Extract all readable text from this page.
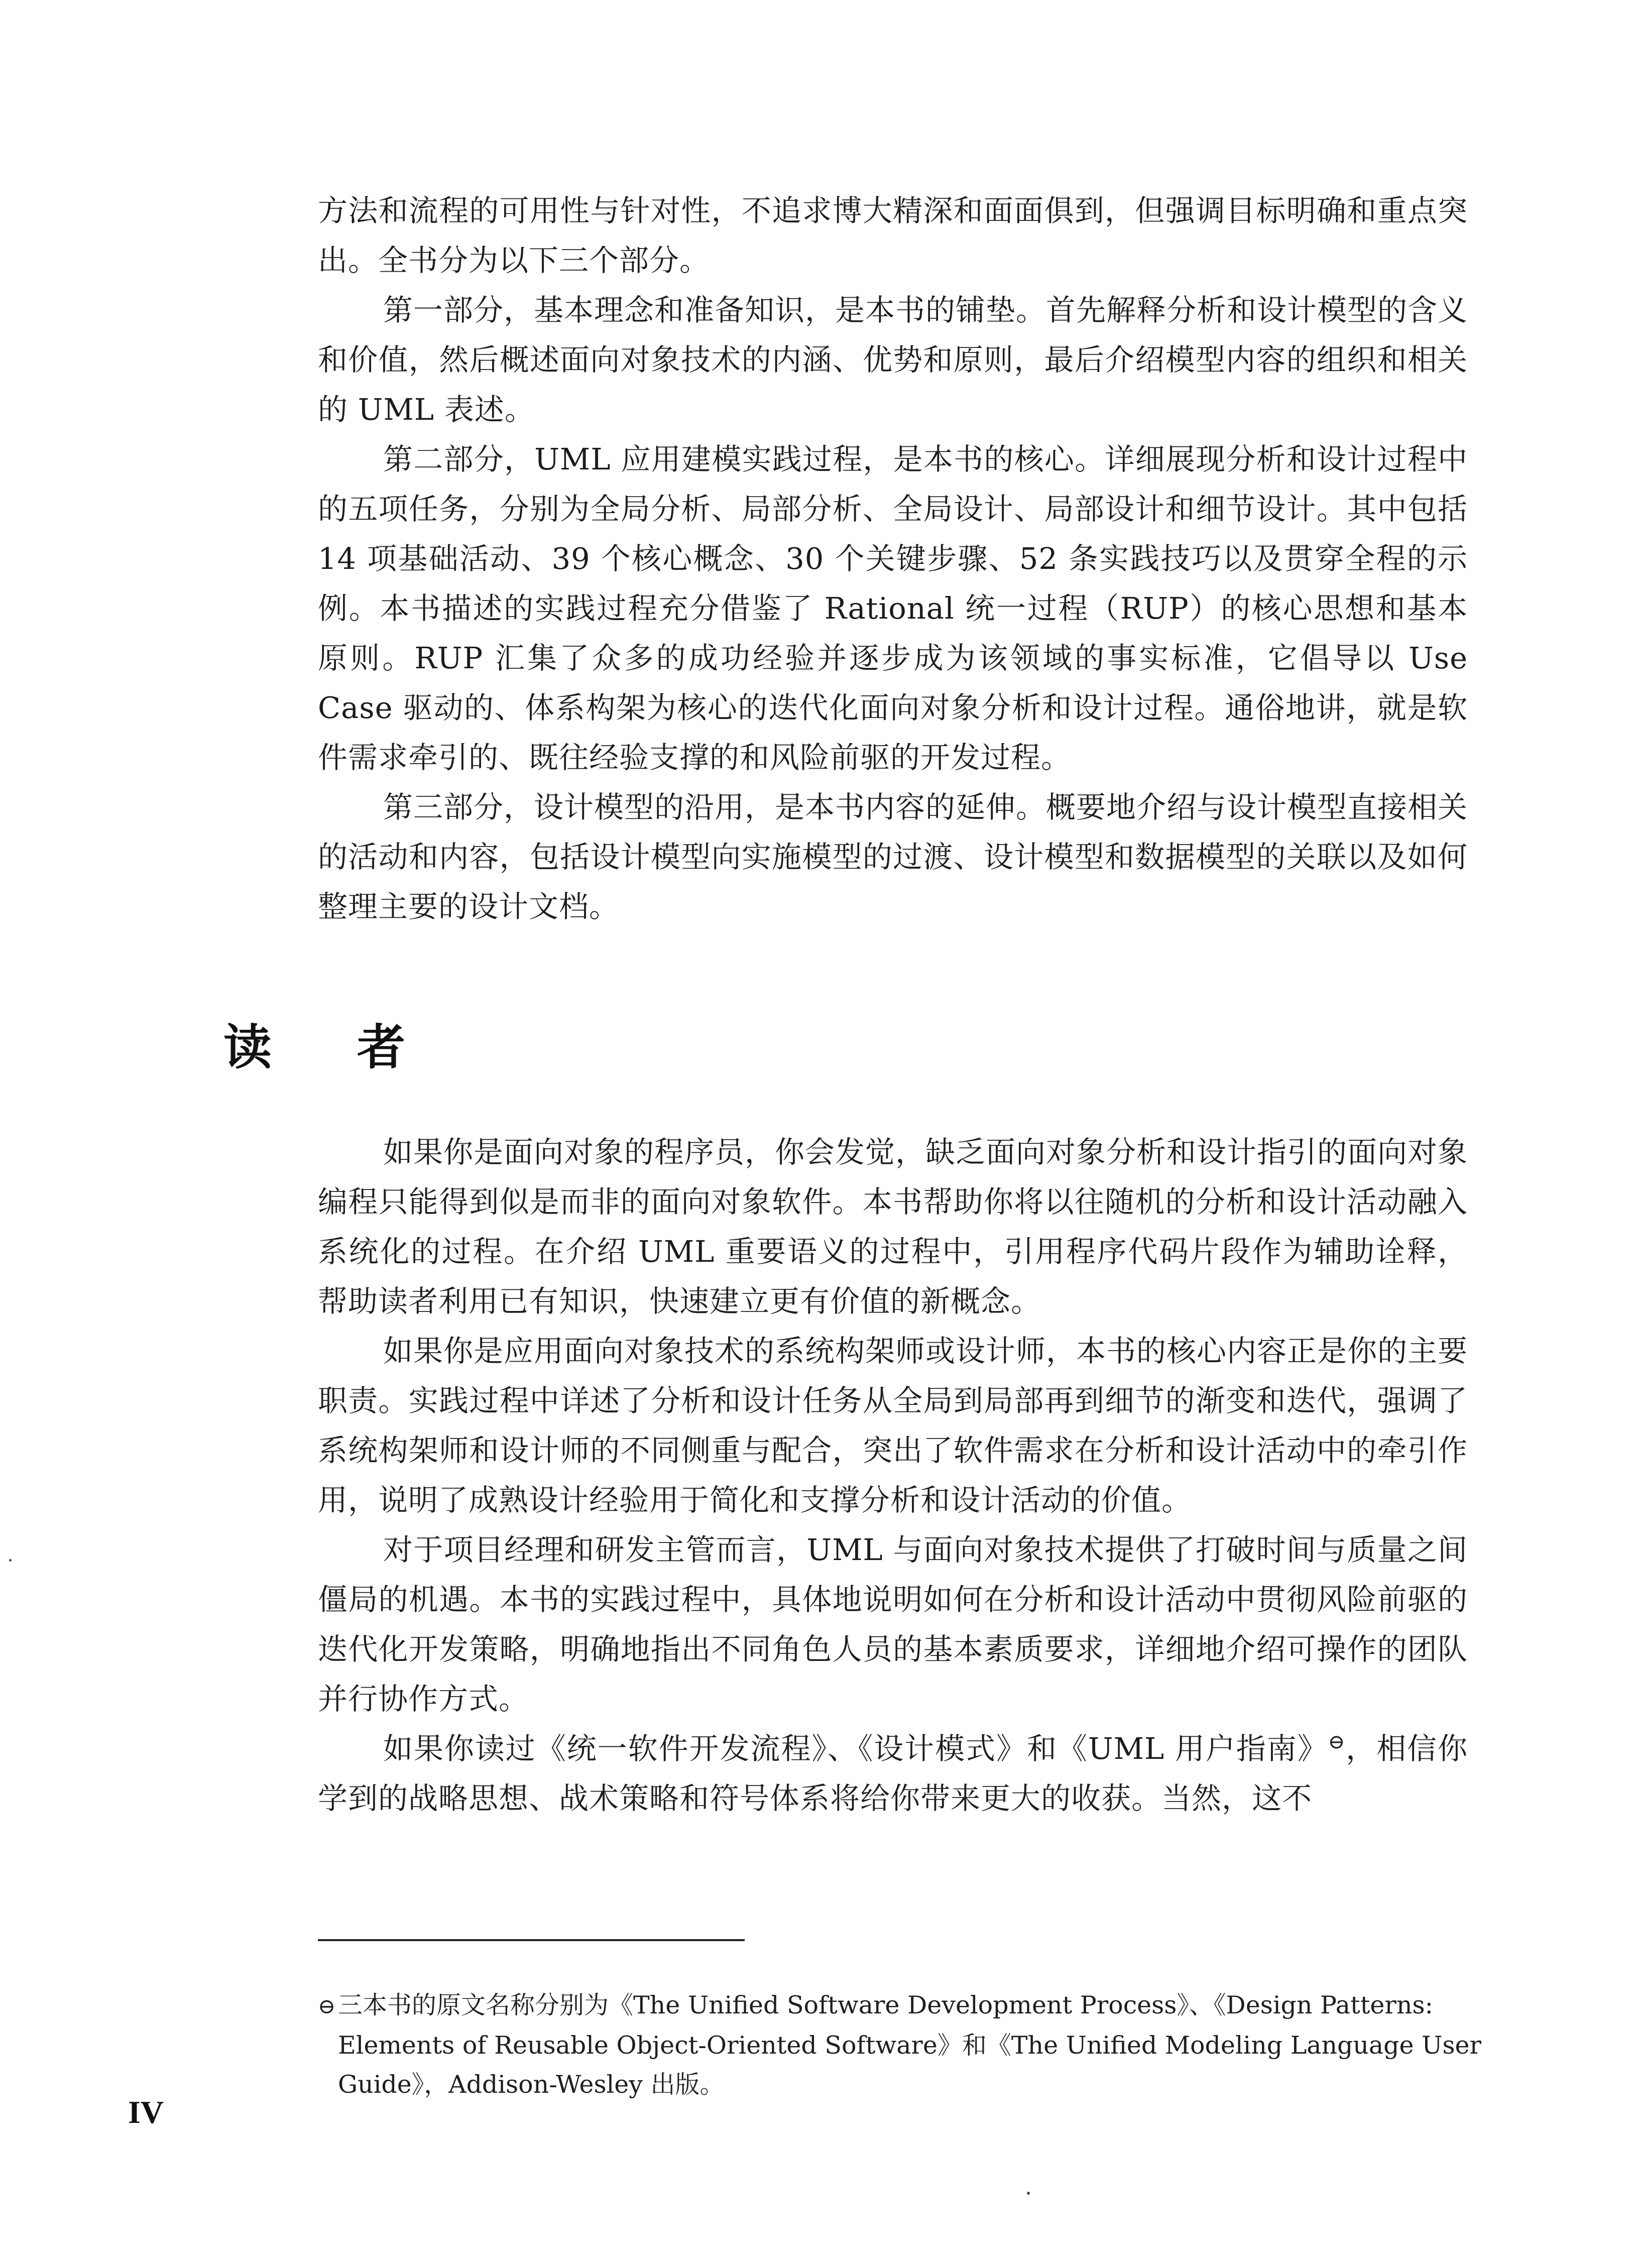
方法和流程的可用性与针对性，不追求博大精深和面面俱到，但强调目标明确和重点突出。全书分为以下三个部分。

第一部分，基本理念和准备知识，是本书的铺垫。首先解释分析和设计模型的含义和价值，然后概述面向对象技术的内涵、优势和原则，最后介绍模型内容的组织和相关的 UML 表述。

第二部分，UML 应用建模实践过程，是本书的核心。详细展现分析和设计过程中的五项任务，分别为全局分析、局部分析、全局设计、局部设计和细节设计。其中包括 14 项基础活动、39 个核心概念、30 个关键步骤、52 条实践技巧以及贯穿全程的示例。本书描述的实践过程充分借鉴了 Rational 统一过程（RUP）的核心思想和基本原则。RUP 汇集了众多的成功经验并逐步成为该领域的事实标准，它倡导以 Use Case 驱动的、体系构架为核心的迭代化面向对象分析和设计过程。通俗地讲，就是软件需求牵引的、既往经验支撑的和风险前驱的开发过程。

第三部分，设计模型的沿用，是本书内容的延伸。概要地介绍与设计模型直接相关的活动和内容，包括设计模型向实施模型的过渡、设计模型和数据模型的关联以及如何整理主要的设计文档。

读者

如果你是面向对象的程序员，你会发觉，缺乏面向对象分析和设计指引的面向对象编程只能得到似是而非的面向对象软件。本书帮助你将以往随机的分析和设计活动融入系统化的过程。在介绍 UML 重要语义的过程中，引用程序代码片段作为辅助诠释，帮助读者利用已有知识，快速建立更有价值的新概念。

如果你是应用面向对象技术的系统构架师或设计师，本书的核心内容正是你的主要职责。实践过程中详述了分析和设计任务从全局到局部再到细节的渐变和迭代，强调了系统构架师和设计师的不同侧重与配合，突出了软件需求在分析和设计活动中的牵引作用，说明了成熟设计经验用于简化和支撑分析和设计活动的价值。

对于项目经理和研发主管而言，UML 与面向对象技术提供了打破时间与质量之间僵局的机遇。本书的实践过程中，具体地说明如何在分析和设计活动中贯彻风险前驱的迭代化开发策略，明确地指出不同角色人员的基本素质要求，详细地介绍可操作的团队并行协作方式。

如果你读过《统一软件开发流程》、《设计模式》和《UML 用户指南》⊖，相信你学到的战略思想、战术策略和符号体系将给你带来更大的收获。当然，这不

⊖三本书的原文名称分别为《The Unified Software Development Process》、《Design Patterns: Elements of Reusable Object-Oriented Software》和《The Unified Modeling Language User Guide》，Addison-Wesley 出版。
IV
